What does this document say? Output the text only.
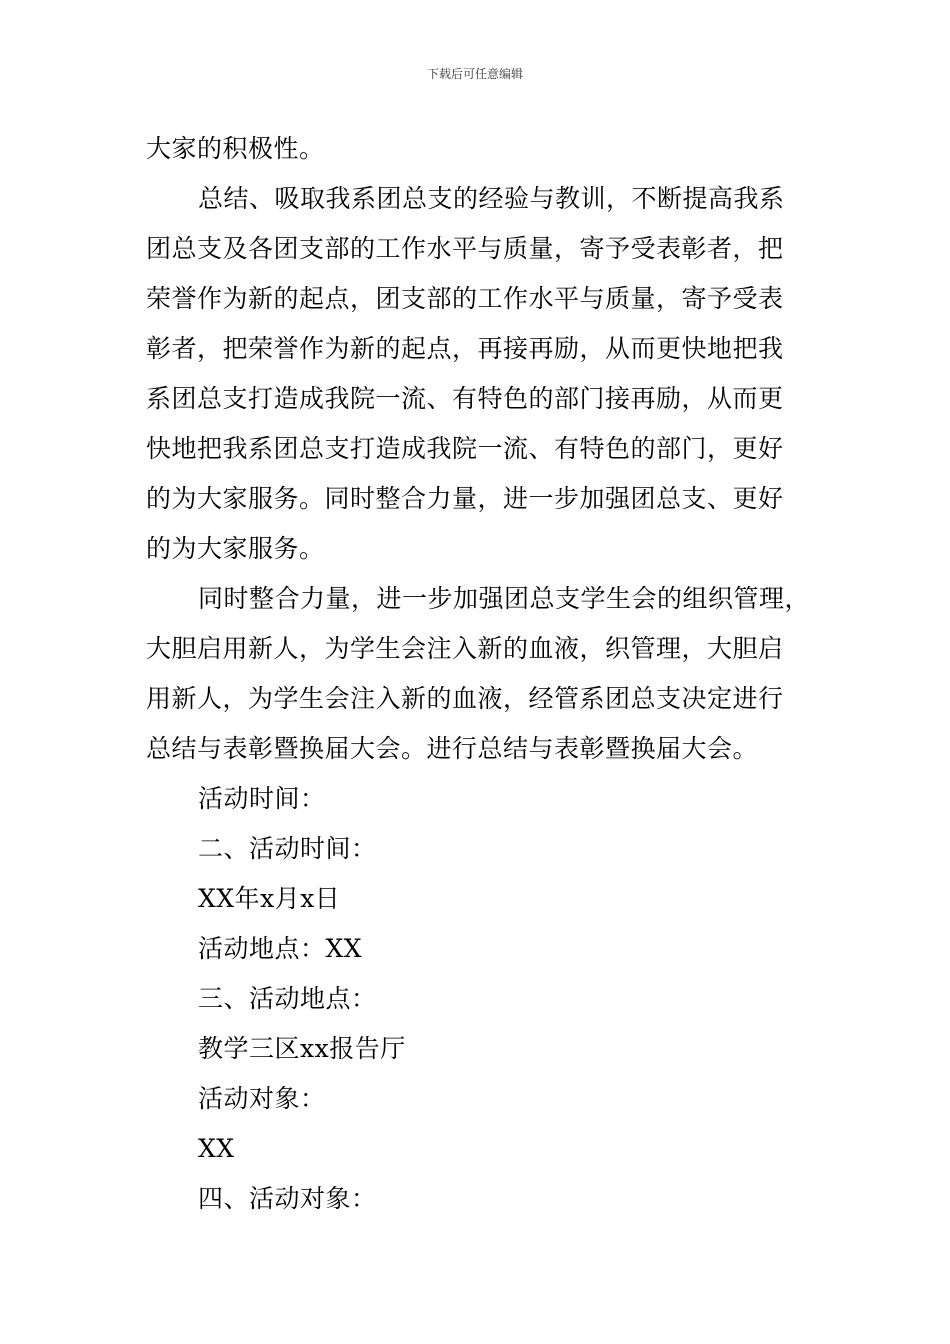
下载后可任意编辑
大家的积极性。
总结、吸取我系团总支的经验与教训，不断提高我系
团总支及各团支部的工作水平与质量，寄予受表彰者，把
荣誉作为新的起点，团支部的工作水平与质量，寄予受表
彰者，把荣誉作为新的起点，再接再励，从而更快地把我
系团总支打造成我院一流、有特色的部门接再励，从而更
快地把我系团总支打造成我院一流、有特色的部门，更好
的为大家服务。同时整合力量，进一步加强团总支、更好
的为大家服务。
同时整合力量，进一步加强团总支学生会的组织管理，
大胆启用新人，为学生会注入新的血液，织管理，大胆启
用新人，为学生会注入新的血液，经管系团总支决定进行
总结与表彰暨换届大会。进行总结与表彰暨换届大会。
活动时间：
二、活动时间：
XX年x月x日
活动地点：XX
三、活动地点：
教学三区xx报告厅
活动对象：
XX
四、活动对象：
